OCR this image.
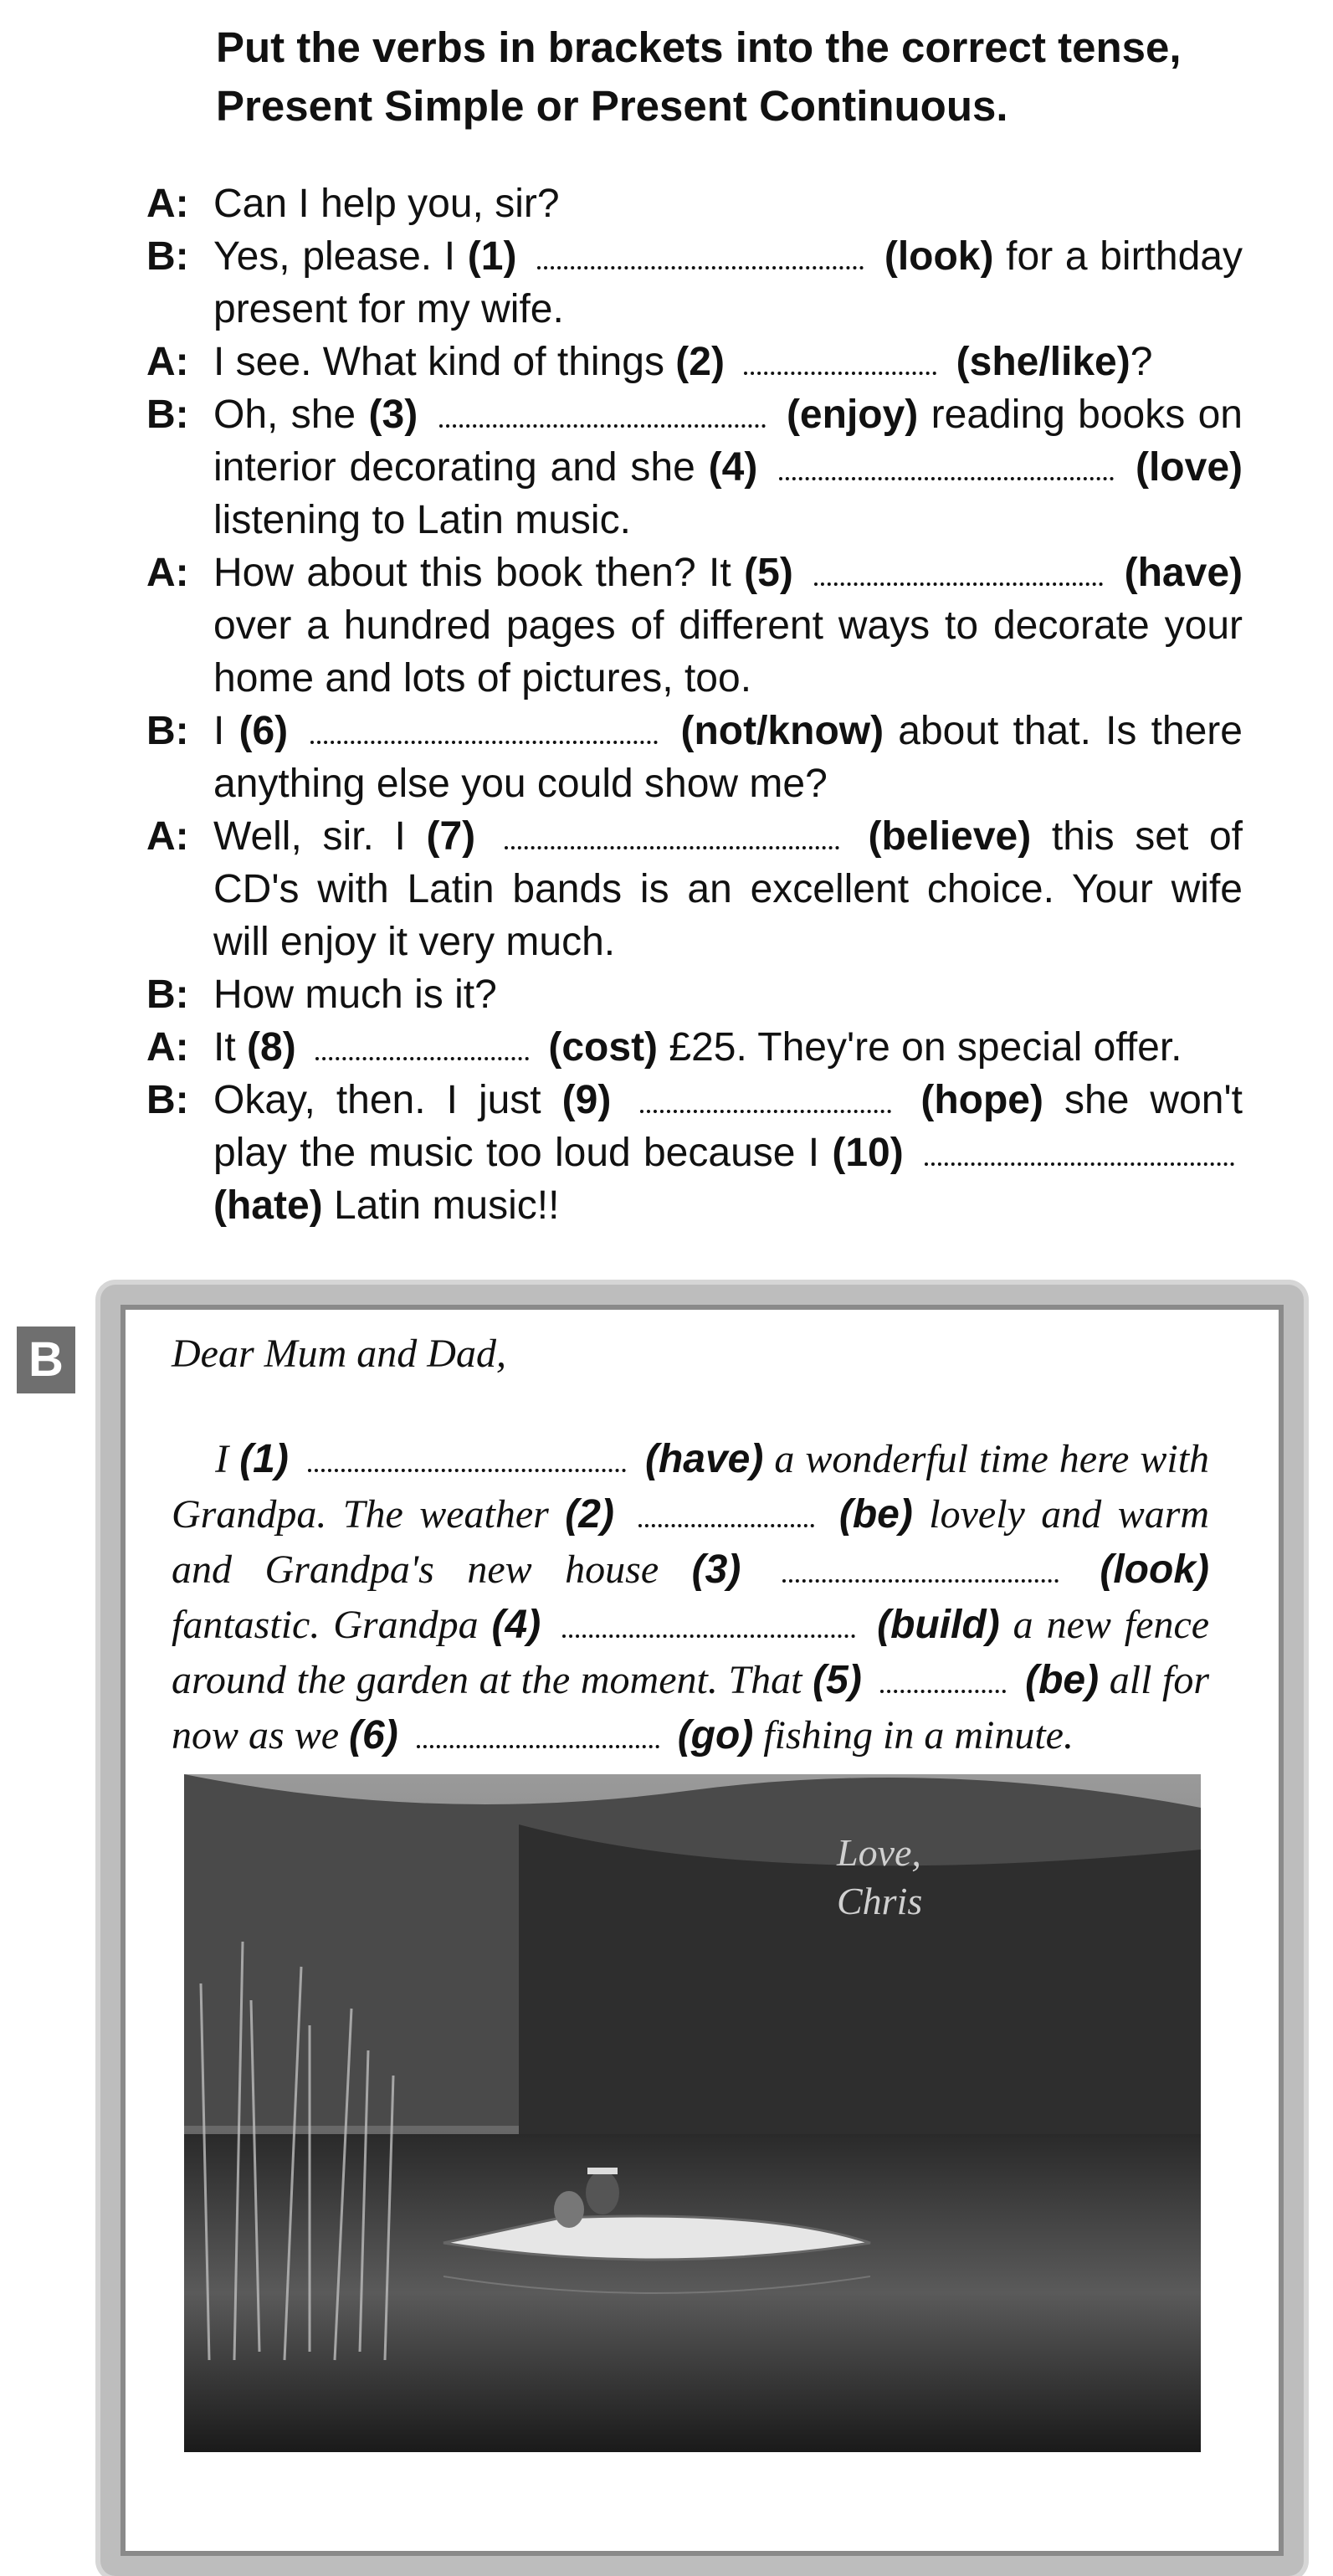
Put the verbs in brackets into the correct tense, Present Simple or Present Continuous.
A: Can I help you, sir?
B: Yes, please. I (1)	(look) for a birthday present for my wife.
A: I see. What kind of things (2)	(she/like)?
B: Oh, she (3)	(enjoy) reading books on interior decorating and she (4)	(love) listening to Latin music.
A: How about this book then? It (5)	(have) over a hundred pages of different ways to decorate your home and lots of pictures, too.
B: I (6)	(not/know) about that. Is there anything else you could show me?
A: Well, sir. I (7)	(believe) this set of CD's with Latin bands is an excellent choice. Your wife will enjoy it very much.
B: How much is it?
A: It (8)	(cost) £25. They're on special offer.
B: Okay, then. I just (9)	(hope) she won't play the music too loud because I (10)  (hate) Latin music!!
B	Dear Mum and Dad,
I (1)	(have) a wonderful time here with Grandpa. The weather (2)	(be) lovely and warm and Grandpa's new house (3)	(look) fantastic. Grandpa (4)	(build) a new fence around the garden at the moment. That (5)	(be) all for now as we (6)	(go) fishing in a minute.
Love,
Chris
